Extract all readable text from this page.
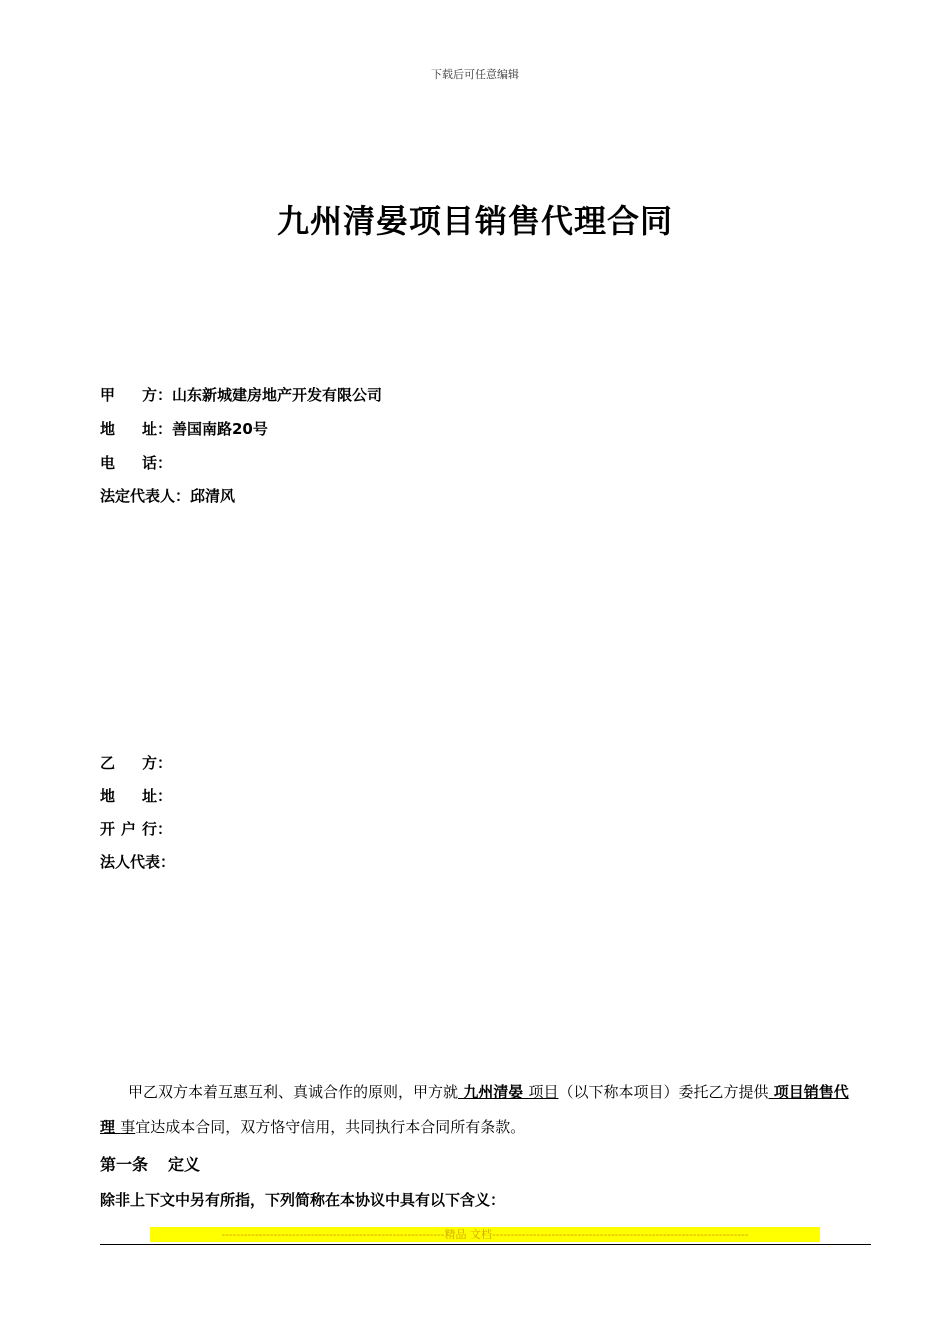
下载后可任意编辑
九州清晏项目销售代理合同
甲 方： 山东新城建房地产开发有限公司
地 址： 善国南路20号
电 话：
法定代表人： 邱清风
乙 方：
地 址：
开 户 行：
法人代表：
甲乙双方本着互惠互利、真诚合作的原则，甲方就 九州清晏 项目（以下称本项目）委托乙方提供 项目销售代理 事宜达成本合同，双方恪守信用，共同执行本合同所有条款。
第一条 定义
除非上下文中另有所指，下列简称在本协议中具有以下含义：
------------------------------------------------------------精品 文档---------------------------------------------------------------------
